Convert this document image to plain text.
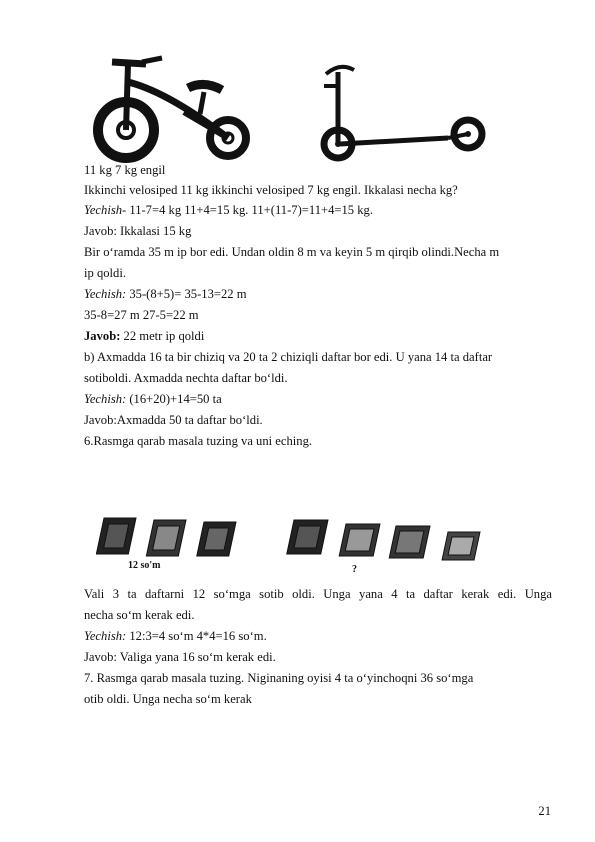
11 kg 7 kg engil
Ikkinchi velosiped 11 kg ikkinchi velosiped 7 kg engil. Ikkalasi necha kg?
Yechish- 11-7=4 kg 11+4=15 kg. 11+(11-7)=11+4=15 kg.
Javob: Ikkalasi 15 kg
Bir o‘ramda 35 m ip bor edi. Undan oldin 8 m va keyin 5 m qirqib olindi.Necha m
ip qoldi.
Yechish: 35-(8+5)= 35-13=22 m
35-8=27 m 27-5=22 m
Javob: 22 metr ip qoldi
b) Axmadda 16 ta bir chiziq va 20 ta 2 chiziqli daftar bor edi. U yana 14 ta daftar
sotiboldi. Axmadda nechta daftar bo‘ldi.
Yechish: (16+20)+14=50 ta
Javob:Axmadda 50 ta daftar bo‘ldi.
6.Rasmga qarab masala tuzing va uni eching.
12 so'm	?
Vali 3 ta daftarni 12 so‘mga sotib oldi. Unga yana 4 ta daftar kerak edi. Unga
necha so‘m kerak edi.
Yechish: 12:3=4 so‘m 4*4=16 so‘m.
Javob: Valiga yana 16 so‘m kerak edi.
7. Rasmga qarab masala tuzing. Niginaning oyisi 4 ta o‘yinchoqni 36 so‘mga
otib oldi. Unga necha so‘m kerak
21
